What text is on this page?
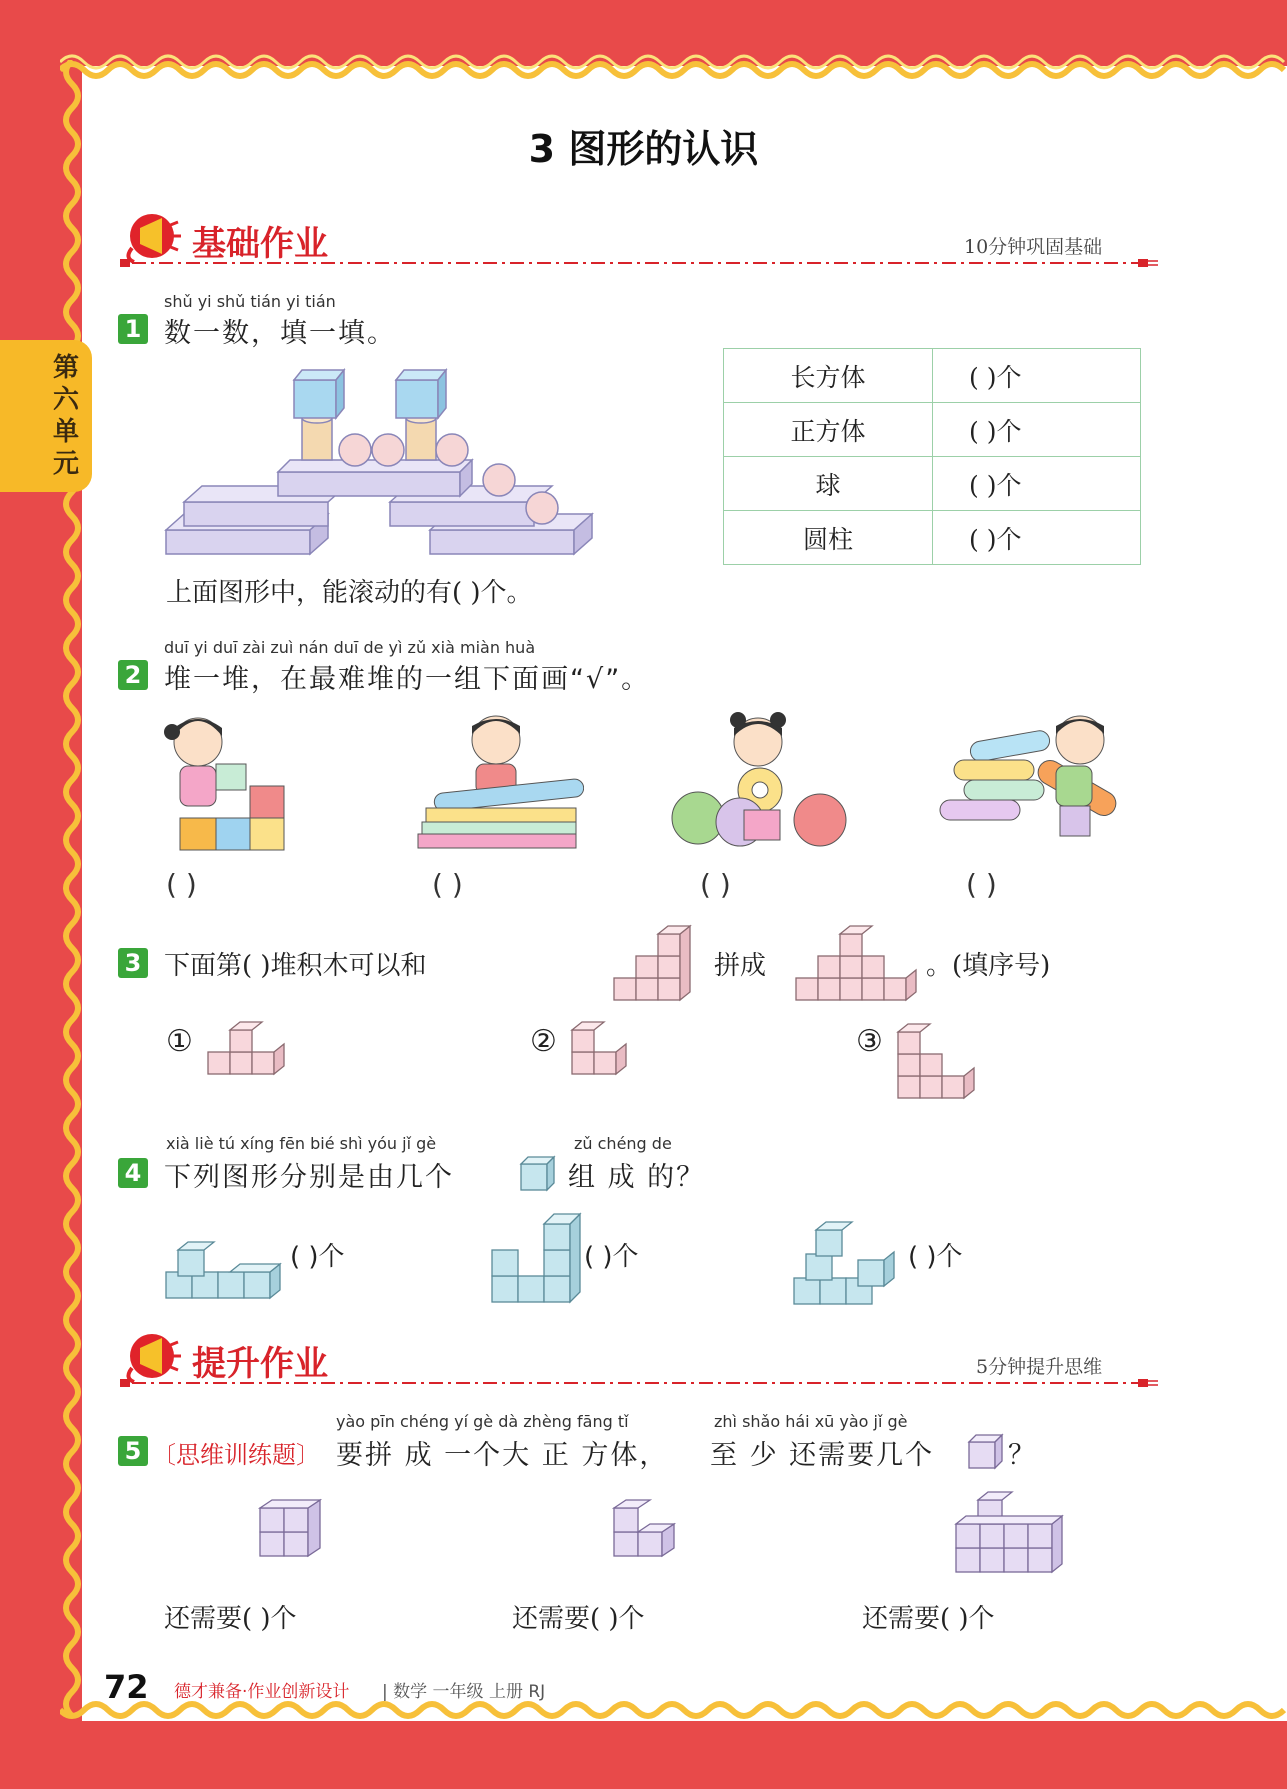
第六单元
3 图形的认识
基础作业	10分钟巩固基础
shǔ yi shǔ tián yi tián
1 数一数，填一填。
长方体	( )个
正方体	( )个
球	( )个
圆柱	( )个
上面图形中，能滚动的有( )个。
duī yi duī zài zuì nán duī de yì zǔ xià miàn huà
2 堆一堆，在最难堆的一组下面画“√”。
( )	( )	( )	( )
3 下面第( )堆积木可以和	拼成	。(填序号)
①	②	③
xià liè tú xíng fēn bié shì yóu jǐ gè	zǔ chéng de
4 下列图形分别是由几个	组 成 的？
( )个	( )个	( )个
提升作业	5分钟提升思维
yào pīn chéng yí gè dà zhèng fāng tǐ	zhì shǎo hái xū yào jǐ gè
5 〔思维训练题〕 要拼 成 一个大 正 方体， 至 少 还需要几个	？
还需要( )个	还需要( )个	还需要( )个
72 德才兼备·作业创新设计 | 数学 一年级 上册 RJ
